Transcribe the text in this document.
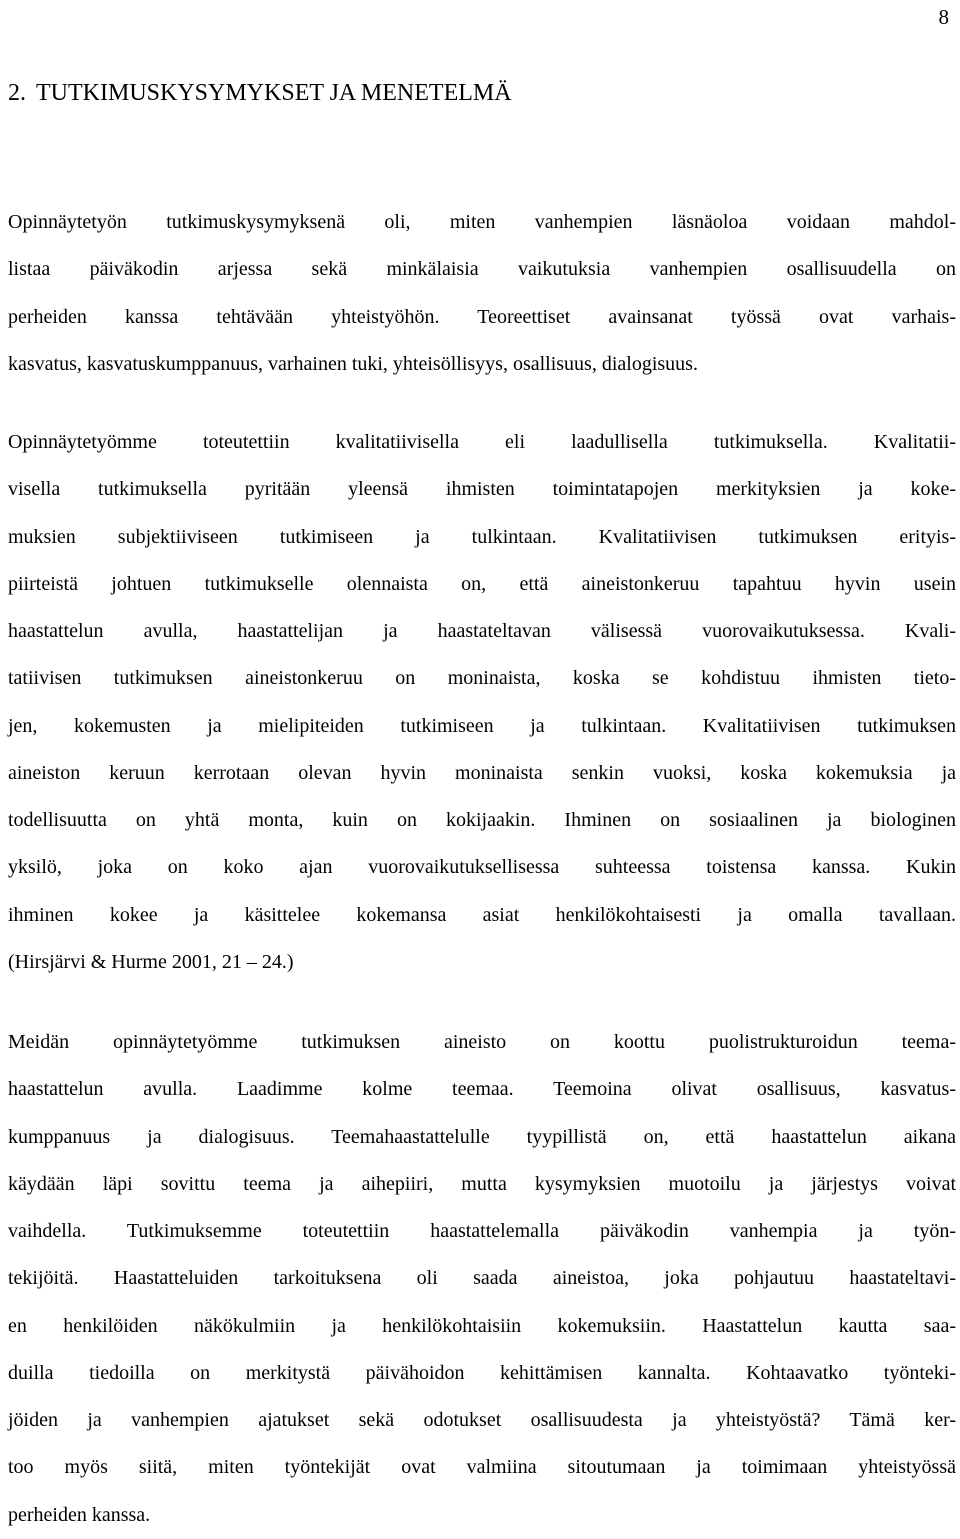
8
2. TUTKIMUSKYSYMYKSET JA MENETELMÄ
Opinnäytetyön tutkimuskysymyksenä oli, miten vanhempien läsnäoloa voidaan mahdol-
listaa päiväkodin arjessa sekä minkälaisia vaikutuksia vanhempien osallisuudella on
perheiden kanssa tehtävään yhteistyöhön. Teoreettiset avainsanat työssä ovat varhais-
kasvatus, kasvatuskumppanuus, varhainen tuki, yhteisöllisyys, osallisuus, dialogisuus.
Opinnäytetyömme toteutettiin kvalitatiivisella eli laadullisella tutkimuksella. Kvalitatii-
visella tutkimuksella pyritään yleensä ihmisten toimintatapojen merkityksien ja koke-
muksien subjektiiviseen tutkimiseen ja tulkintaan. Kvalitatiivisen tutkimuksen erityis-
piirteistä johtuen tutkimukselle olennaista on, että aineistonkeruu tapahtuu hyvin usein
haastattelun avulla, haastattelijan ja haastateltavan välisessä vuorovaikutuksessa. Kvali-
tatiivisen tutkimuksen aineistonkeruu on moninaista, koska se kohdistuu ihmisten tieto-
jen, kokemusten ja mielipiteiden tutkimiseen ja tulkintaan. Kvalitatiivisen tutkimuksen
aineiston keruun kerrotaan olevan hyvin moninaista senkin vuoksi, koska kokemuksia ja
todellisuutta on yhtä monta, kuin on kokijaakin. Ihminen on sosiaalinen ja biologinen
yksilö, joka on koko ajan vuorovaikutuksellisessa suhteessa toistensa kanssa. Kukin
ihminen kokee ja käsittelee kokemansa asiat henkilökohtaisesti ja omalla tavallaan.
(Hirsjärvi & Hurme 2001, 21 – 24.)
Meidän opinnäytetyömme tutkimuksen aineisto on koottu puolistrukturoidun teema-
haastattelun avulla. Laadimme kolme teemaa. Teemoina olivat osallisuus, kasvatus-
kumppanuus ja dialogisuus. Teemahaastattelulle tyypillistä on, että haastattelun aikana
käydään läpi sovittu teema ja aihepiiri, mutta kysymyksien muotoilu ja järjestys voivat
vaihdella. Tutkimuksemme toteutettiin haastattelemalla päiväkodin vanhempia ja työn-
tekijöitä. Haastatteluiden tarkoituksena oli saada aineistoa, joka pohjautuu haastateltavi-
en henkilöiden näkökulmiin ja henkilökohtaisiin kokemuksiin. Haastattelun kautta saa-
duilla tiedoilla on merkitystä päivähoidon kehittämisen kannalta. Kohtaavatko työnteki-
jöiden ja vanhempien ajatukset sekä odotukset osallisuudesta ja yhteistyöstä? Tämä ker-
too myös siitä, miten työntekijät ovat valmiina sitoutumaan ja toimimaan yhteistyössä
perheiden kanssa.
